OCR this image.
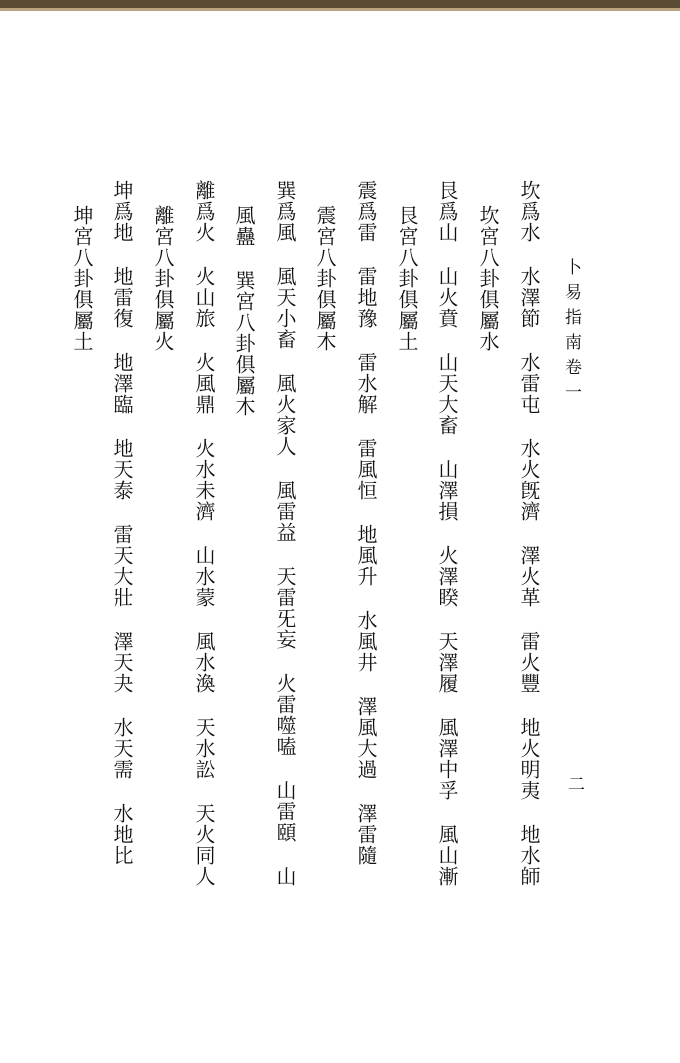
卜易指南卷一
二
坎爲水水澤節水雷屯水火旣濟澤火革雷火豐地火明夷地水師
坎宮八卦俱屬水
艮爲山山火賁山天大畜山澤損火澤睽天澤履風澤中孚風山漸
艮宮八卦俱屬土
震爲雷雷地豫雷水解雷風恒地風升水風井澤風大過澤雷隨
震宮八卦俱屬木
巽爲風風天小畜風火家人風雷益天雷旡妄火雷噬嗑山雷頤山
風蠱巽宮八卦俱屬木
離爲火火山旅火風鼎火水未濟山水蒙風水渙天水訟天火同人
離宮八卦俱屬火
坤爲地地雷復地澤臨地天泰雷天大壯澤天夬水天需水地比
坤宮八卦俱屬土
